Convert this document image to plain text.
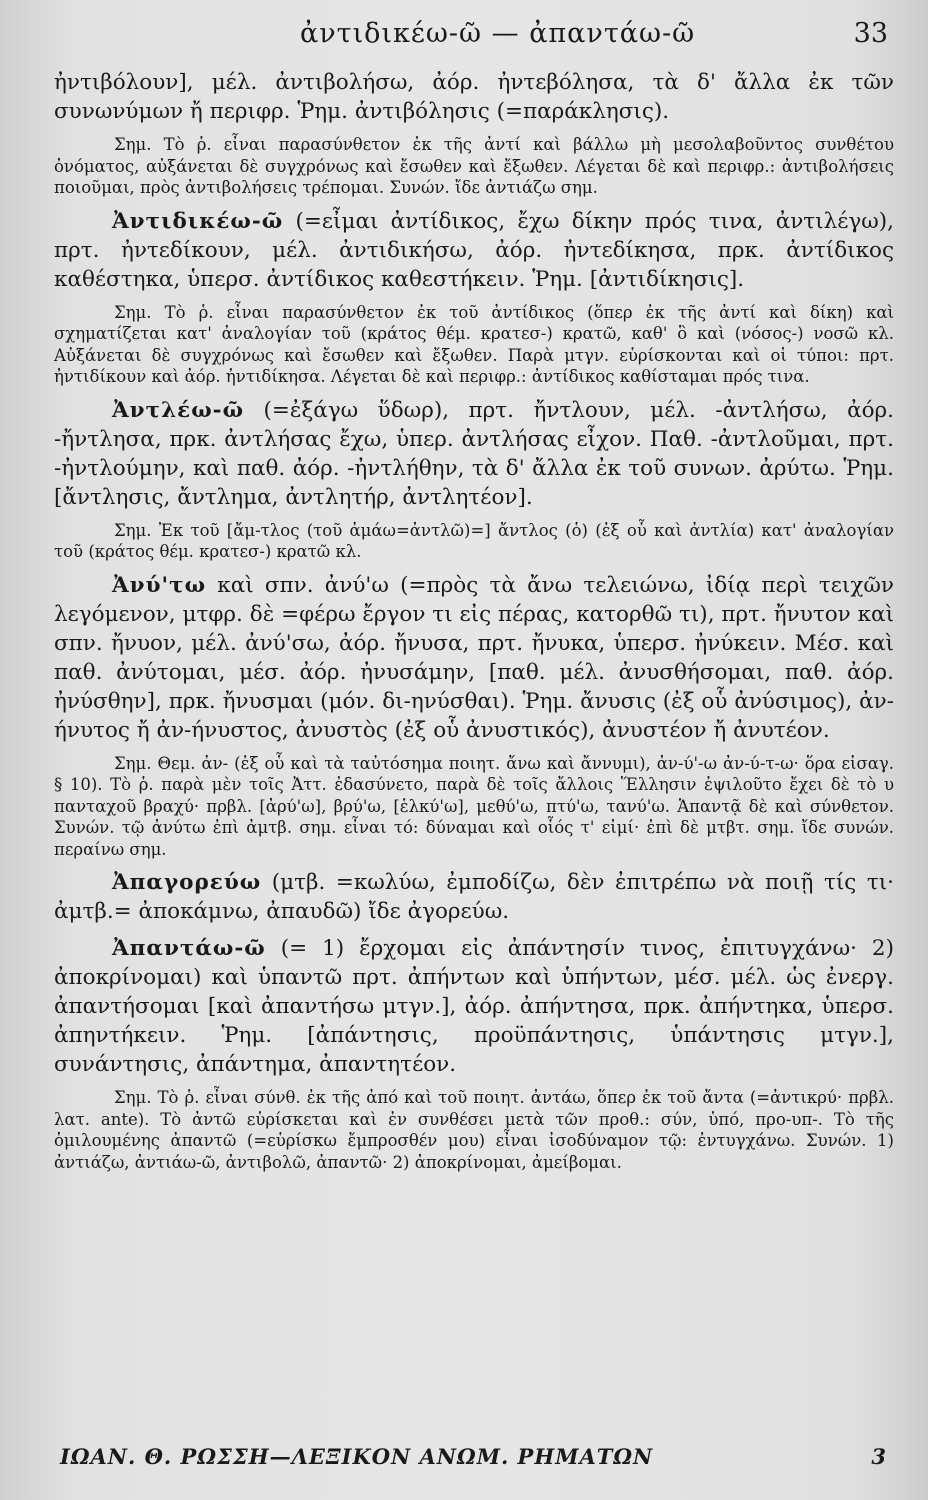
ἀντιδικέω-ῶ — ἀπαντάω-ῶ	33

ἠντιβόλουν], μέλ. ἀντιβολήσω, ἀόρ. ἠντεβόλησα, τὰ δ' ἄλλα ἐκ τῶν συνωνύμων ἤ περιφρ. Ῥημ. ἀντιβόλησις (=παράκλησις).

Σημ. Τὸ ῥ. εἶναι παρασύνθετον ἐκ τῆς ἀντί καὶ βάλλω μὴ μεσολαβοῦντος συνθέτου ὀνόματος, αὐξάνεται δὲ συγχρόνως καὶ ἔσωθεν καὶ ἔξωθεν. Λέγεται δὲ καὶ περιφρ.: ἀντιβολήσεις ποιοῦμαι, πρὸς ἀντιβολήσεις τρέπομαι. Συνών. ἴδε ἀντιάζω σημ.

Ἀντιδικέω-ῶ (=εἶμαι ἀντίδικος, ἔχω δίκην πρός τινα, ἀντιλέγω), πρτ. ἠντεδίκουν, μέλ. ἀντιδικήσω, ἀόρ. ἠντεδίκησα, πρκ. ἀντίδικος καθέστηκα, ὑπερσ. ἀντίδικος καθεστήκειν. Ῥημ. [ἀντιδίκησις].

Σημ. Τὸ ῥ. εἶναι παρασύνθετον ἐκ τοῦ ἀντίδικος (ὅπερ ἐκ τῆς ἀντί καὶ δίκη) καὶ σχηματίζεται κατ' ἀναλογίαν τοῦ (κράτος θέμ. κρατεσ-) κρατῶ, καθ' ὃ καὶ (νόσος-) νοσῶ κλ. Αὐξάνεται δὲ συγχρόνως καὶ ἔσωθεν καὶ ἔξωθεν. Παρὰ μτγν. εὑρίσκονται καὶ οἱ τύποι: πρτ. ἠντιδίκουν καὶ ἀόρ. ἠντιδίκησα. Λέγεται δὲ καὶ περιφρ.: ἀντίδικος καθίσταμαι πρός τινα.

Ἀντλέω-ῶ (=ἐξάγω ὕδωρ), πρτ. ἤντλουν, μέλ. -ἀντλήσω, ἀόρ. -ἤντλησα, πρκ. ἀντλήσας ἔχω, ὑπερ. ἀντλήσας εἶχον. Παθ. -ἀντλοῦμαι, πρτ. -ἠντλούμην, καὶ παθ. ἀόρ. -ἠντλήθην, τὰ δ' ἄλλα ἐκ τοῦ συνων. ἀρύτω. Ῥημ. [ἄντλησις, ἄντλημα, ἀντλητήρ, ἀντλητέον].

Σημ. Ἐκ τοῦ [ἄμ-τλος (τοῦ ἀμάω=ἀντλῶ)=] ἄντλος (ὁ) (ἐξ οὗ καὶ ἀντλία) κατ' ἀναλογίαν τοῦ (κράτος θέμ. κρατεσ-) κρατῶ κλ.

Ἀνύ'τω καὶ σπν. ἀνύ'ω (=πρὸς τὰ ἄνω τελειώνω, ἰδίᾳ περὶ τειχῶν λεγόμενον, μτφρ. δὲ =φέρω ἔργον τι εἰς πέρας, κατορθῶ τι), πρτ. ἤνυτον καὶ σπν. ἤνυον, μέλ. ἀνύ'σω, ἀόρ. ἤνυσα, πρτ. ἤνυκα, ὑπερσ. ἠνύκειν. Μέσ. καὶ παθ. ἀνύτομαι, μέσ. ἀόρ. ἠνυσάμην, [παθ. μέλ. ἀνυσθήσομαι, παθ. ἀόρ. ἠνύσθην], πρκ. ἤνυσμαι (μόν. δι-ηνύσθαι). Ῥημ. ἄνυσις (ἐξ οὗ ἀνύσιμος), ἀν-ήνυτος ἤ ἀν-ήνυστος, ἀνυστὸς (ἐξ οὗ ἀνυστικός), ἀνυστέον ἤ ἀνυτέον.

Σημ. Θεμ. ἀν- (ἐξ οὗ καὶ τὰ ταὐτόσημα ποιητ. ἄνω καὶ ἄννυμι), ἀν-ύ'-ω ἀν-ύ-τ-ω· ὅρα εἰσαγ. § 10). Τὸ ῥ. παρὰ μὲν τοῖς Ἀττ. ἐδασύνετο, παρὰ δὲ τοῖς ἄλλοις Ἕλλησιν ἐψιλοῦτο ἔχει δὲ τὸ υ πανταχοῦ βραχύ· πρβλ. [ἀρύ'ω], βρύ'ω, [ἑλκύ'ω], μεθύ'ω, πτύ'ω, τανύ'ω. Ἁπαντᾷ δὲ καὶ σύνθετον. Συνών. τῷ ἀνύτω ἐπὶ ἀμτβ. σημ. εἶναι τό: δύναμαι καὶ οἷός τ' εἰμί· ἐπὶ δὲ μτβτ. σημ. ἴδε συνών. περαίνω σημ.

Ἀπαγορεύω (μτβ. =κωλύω, ἐμποδίζω, δὲν ἐπιτρέπω νὰ ποιῇ τίς τι· ἀμτβ.= ἀποκάμνω, ἀπαυδῶ) ἴδε ἀγορεύω.

Ἀπαντάω-ῶ (= 1) ἔρχομαι εἰς ἀπάντησίν τινος, ἐπιτυγχάνω· 2) ἀποκρίνομαι) καὶ ὑπαντῶ πρτ. ἀπήντων καὶ ὑπήντων, μέσ. μέλ. ὡς ἐνεργ. ἀπαντήσομαι [καὶ ἀπαντήσω μτγν.], ἀόρ. ἀπήντησα, πρκ. ἀπήντηκα, ὑπερσ. ἀπηντήκειν. Ῥημ. [ἀπάντησις, προϋπάντησις, ὑπάντησις μτγν.], συνάντησις, ἀπάντημα, ἀπαντητέον.

Σημ. Τὸ ῥ. εἶναι σύνθ. ἐκ τῆς ἀπό καὶ τοῦ ποιητ. ἀντάω, ὅπερ ἐκ τοῦ ἄντα (=ἀντικρύ· πρβλ. λατ. ante). Τὸ ἀντῶ εὑρίσκεται καὶ ἐν συνθέσει μετὰ τῶν προθ.: σύν, ὑπό, προ-υπ-. Τὸ τῆς ὁμιλουμένης ἀπαντῶ (=εὑρίσκω ἔμπροσθέν μου) εἶναι ἰσοδύναμον τῷ: ἐντυγχάνω. Συνών. 1) ἀντιάζω, ἀντιάω-ῶ, ἀντιβολῶ, ἀπαντῶ· 2) ἀποκρίνομαι, ἀμείβομαι.

ΙΩΑΝ. Θ. ΡΩΣΣΗ—ΛΕΞΙΚΟΝ ΑΝΩΜ. ΡΗΜΑΤΩΝ	3
